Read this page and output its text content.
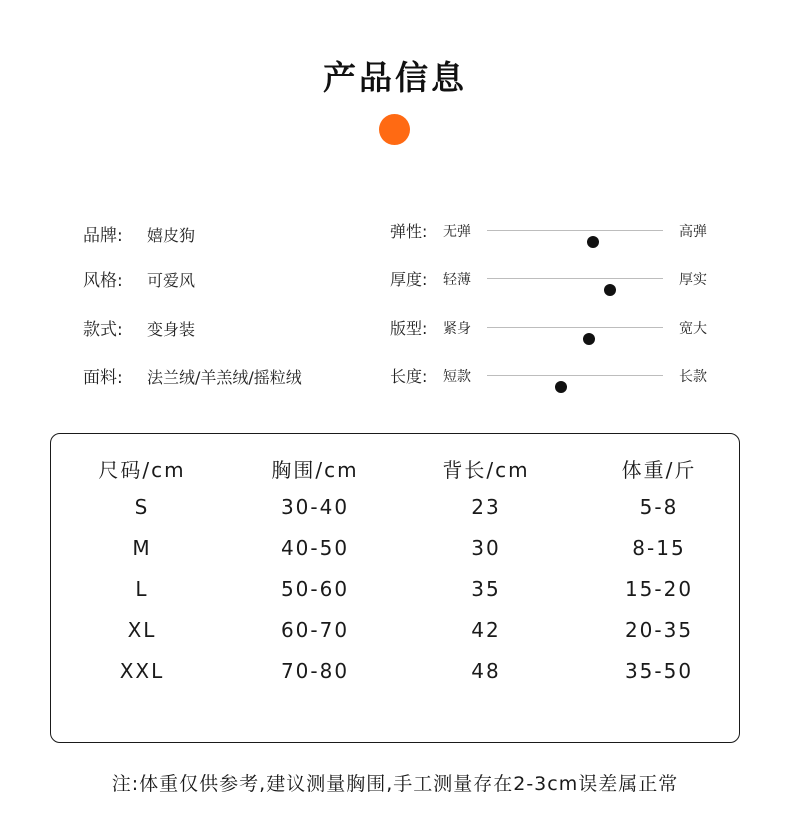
产品信息
品牌:	嬉皮狗
风格:	可爱风
款式:	变身装
面料:	法兰绒/羊羔绒/摇粒绒
弹性: 无弹	高弹
厚度: 轻薄	厚实
版型: 紧身	宽大
长度: 短款	长款
尺码/cm	胸围/cm	背长/cm	体重/斤
S	30-40	23	5-8
M	40-50	30	8-15
L	50-60	35	15-20
XL	60-70	42	20-35
XXL	70-80	48	35-50
注:体重仅供参考,建议测量胸围,手工测量存在2-3cm误差属正常
